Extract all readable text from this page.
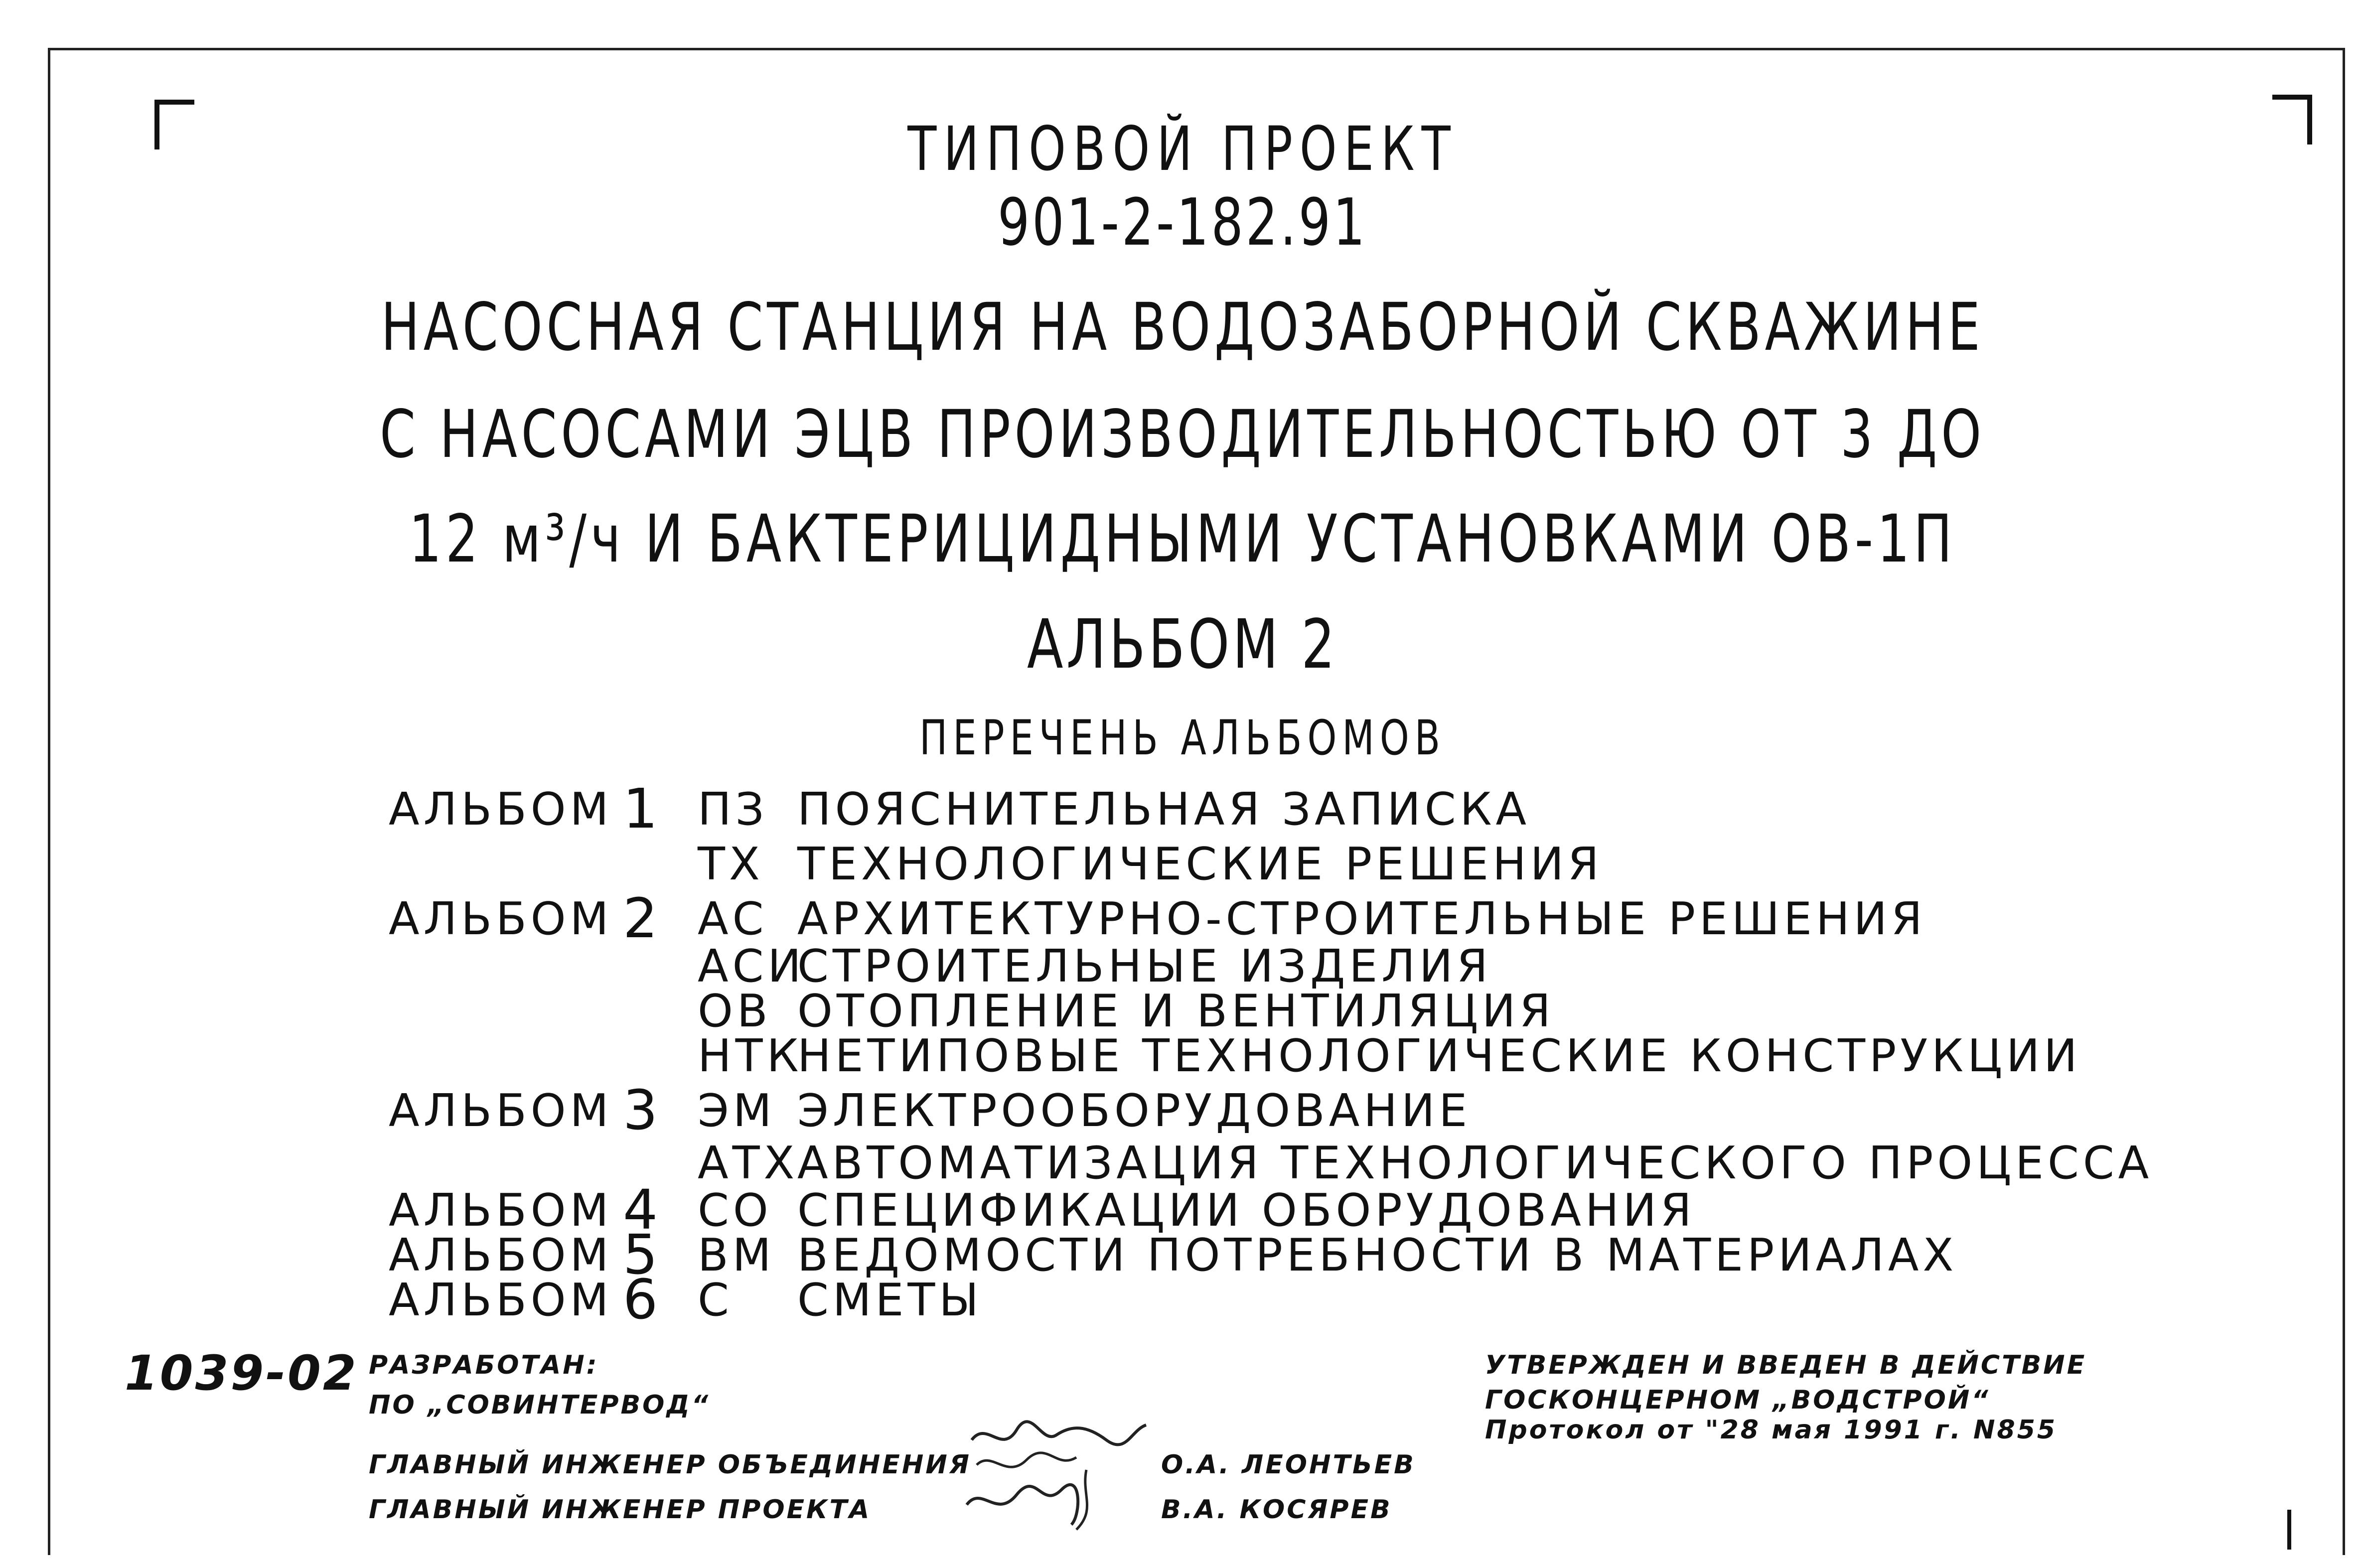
ТИПОВОЙ ПРОЕКТ
901-2-182.91
НАСОСНАЯ СТАНЦИЯ НА ВОДОЗАБОРНОЙ СКВАЖИНЕ
С НАСОСАМИ ЭЦВ ПРОИЗВОДИТЕЛЬНОСТЬЮ ОТ 3 ДО
12 м³/ч И БАКТЕРИЦИДНЫМИ УСТАНОВКАМИ ОВ-1П
АЛЬБОМ 2
ПЕРЕЧЕНЬ АЛЬБОМОВ
АЛЬБОМ 1 ПЗ ПОЯСНИТЕЛЬНАЯ ЗАПИСКА
ТХ ТЕХНОЛОГИЧЕСКИЕ РЕШЕНИЯ
АЛЬБОМ 2 АС АРХИТЕКТУРНО-СТРОИТЕЛЬНЫЕ РЕШЕНИЯ
АСИ
СТРОИТЕЛЬНЫЕ ИЗДЕЛИЯ
ОВ ОТОПЛЕНИЕ И ВЕНТИЛЯЦИЯ
НТК
НЕТИПОВЫЕ ТЕХНОЛОГИЧЕСКИЕ КОНСТРУКЦИИ
АЛЬБОМ 3 ЭМ ЭЛЕКТРООБОРУДОВАНИЕ
АТХ
АВТОМАТИЗАЦИЯ ТЕХНОЛОГИЧЕСКОГО ПРОЦЕССА
АЛЬБОМ 4 СО СПЕЦИФИКАЦИИ ОБОРУДОВАНИЯ
АЛЬБОМ 5 ВМ ВЕДОМОСТИ ПОТРЕБНОСТИ В МАТЕРИАЛАХ
АЛЬБОМ 6 С СМЕТЫ
1039-02 РАЗРАБОТАН:
ПО „СОВИНТЕРВОД“
УТВЕРЖДЕН И ВВЕДЕН В ДЕЙСТВИЕ
ГОСКОНЦЕРНОМ „ВОДСТРОЙ“
Протокол от "28 мая 1991 г. N855
ГЛАВНЫЙ ИНЖЕНЕР ОБЪЕДИНЕНИЯ	О.А. ЛЕОНТЬЕВ
ГЛАВНЫЙ ИНЖЕНЕР ПРОЕКТА	В.А. КОСЯРЕВ
